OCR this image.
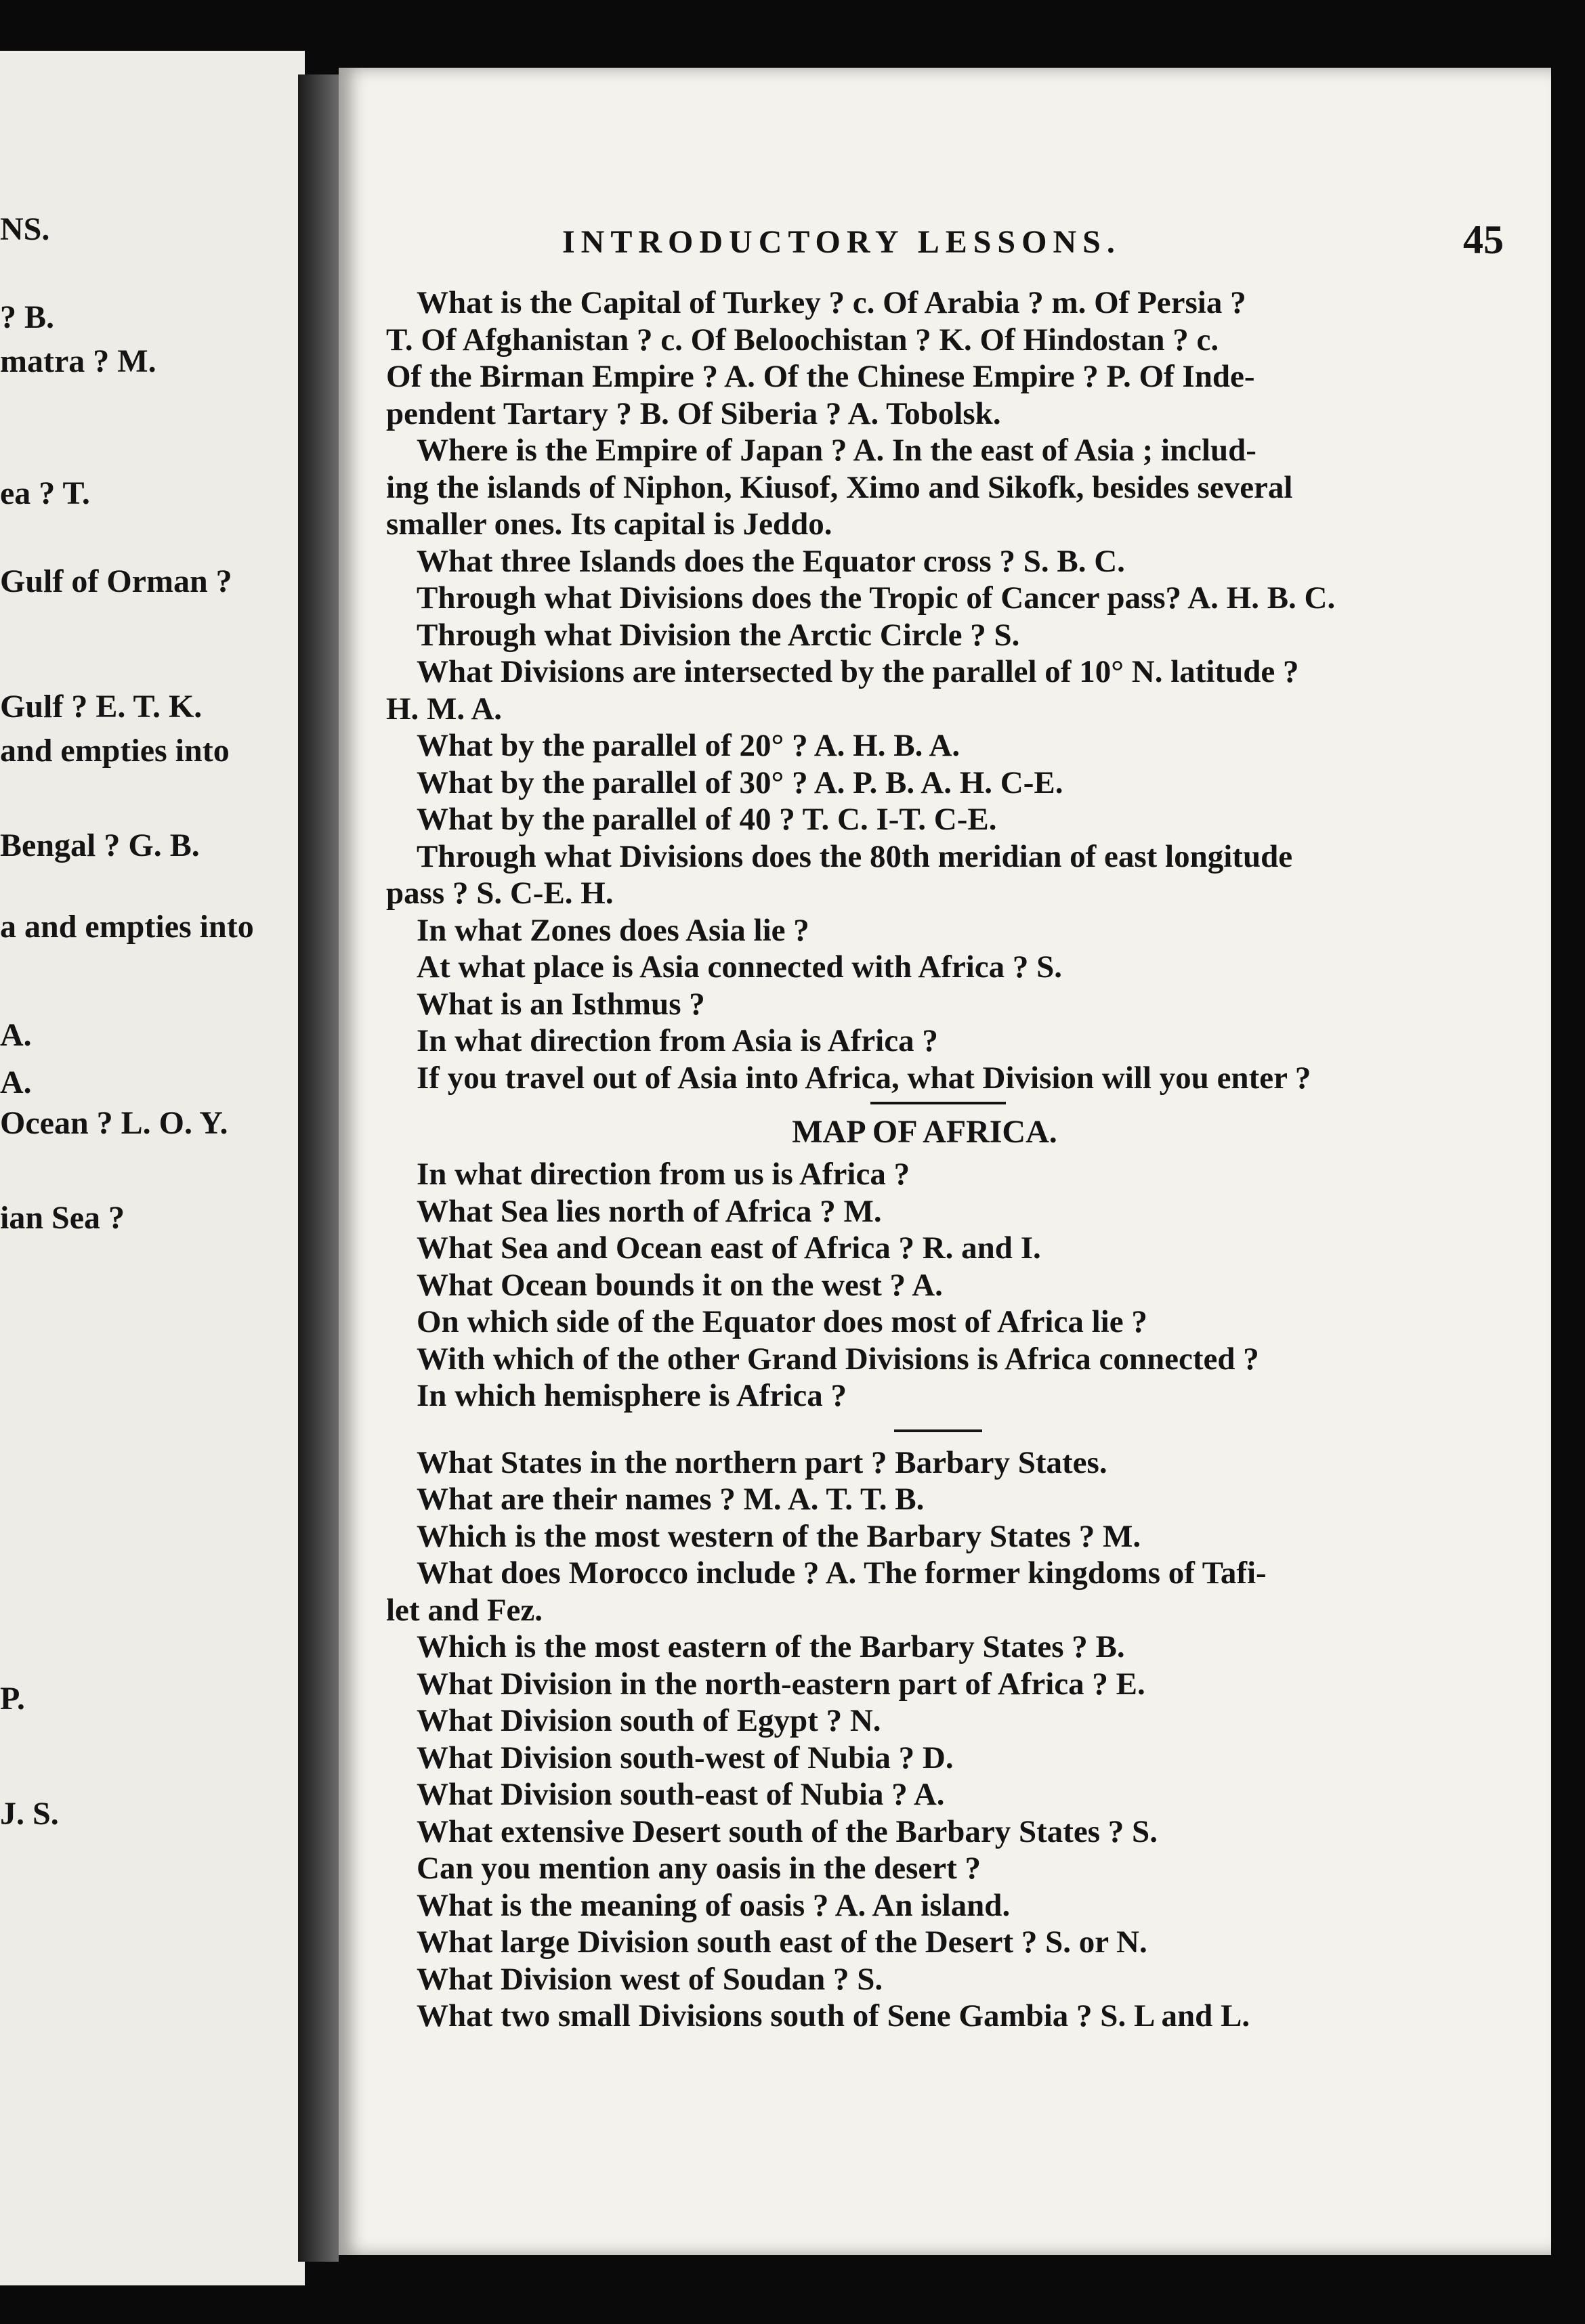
NS.
? B.
matra ? M.
ea ? T.
Gulf of Orman ?
Gulf ? E. T. K.
and empties into
Bengal ? G. B.
a and empties into
A.
A.
Ocean ? L. O. Y.
ian Sea ?
P.
J. S.
INTRODUCTORY LESSONS.	45
What is the Capital of Turkey ? c. Of Arabia ? m. Of Persia ?
T. Of Afghanistan ? c. Of Beloochistan ? K. Of Hindostan ? c.
Of the Birman Empire ? A. Of the Chinese Empire ? P. Of Inde-
pendent Tartary ? B. Of Siberia ? A. Tobolsk.
Where is the Empire of Japan ? A. In the east of Asia ; includ-
ing the islands of Niphon, Kiusof, Ximo and Sikofk, besides several
smaller ones. Its capital is Jeddo.
What three Islands does the Equator cross ? S. B. C.
Through what Divisions does the Tropic of Cancer pass? A. H. B. C.
Through what Division the Arctic Circle ? S.
What Divisions are intersected by the parallel of 10° N. latitude ?
H. M. A.
What by the parallel of 20° ? A. H. B. A.
What by the parallel of 30° ? A. P. B. A. H. C-E.
What by the parallel of 40 ? T. C. I-T. C-E.
Through what Divisions does the 80th meridian of east longitude
pass ? S. C-E. H.
In what Zones does Asia lie ?
At what place is Asia connected with Africa ? S.
What is an Isthmus ?
In what direction from Asia is Africa ?
If you travel out of Asia into Africa, what Division will you enter ?
MAP OF AFRICA.
In what direction from us is Africa ?
What Sea lies north of Africa ? M.
What Sea and Ocean east of Africa ? R. and I.
What Ocean bounds it on the west ? A.
On which side of the Equator does most of Africa lie ?
With which of the other Grand Divisions is Africa connected ?
In which hemisphere is Africa ?
What States in the northern part ? Barbary States.
What are their names ? M. A. T. T. B.
Which is the most western of the Barbary States ? M.
What does Morocco include ? A. The former kingdoms of Tafi-
let and Fez.
Which is the most eastern of the Barbary States ? B.
What Division in the north-eastern part of Africa ? E.
What Division south of Egypt ? N.
What Division south-west of Nubia ? D.
What Division south-east of Nubia ? A.
What extensive Desert south of the Barbary States ? S.
Can you mention any oasis in the desert ?
What is the meaning of oasis ? A. An island.
What large Division south east of the Desert ? S. or N.
What Division west of Soudan ? S.
What two small Divisions south of Sene Gambia ? S. L and L.
